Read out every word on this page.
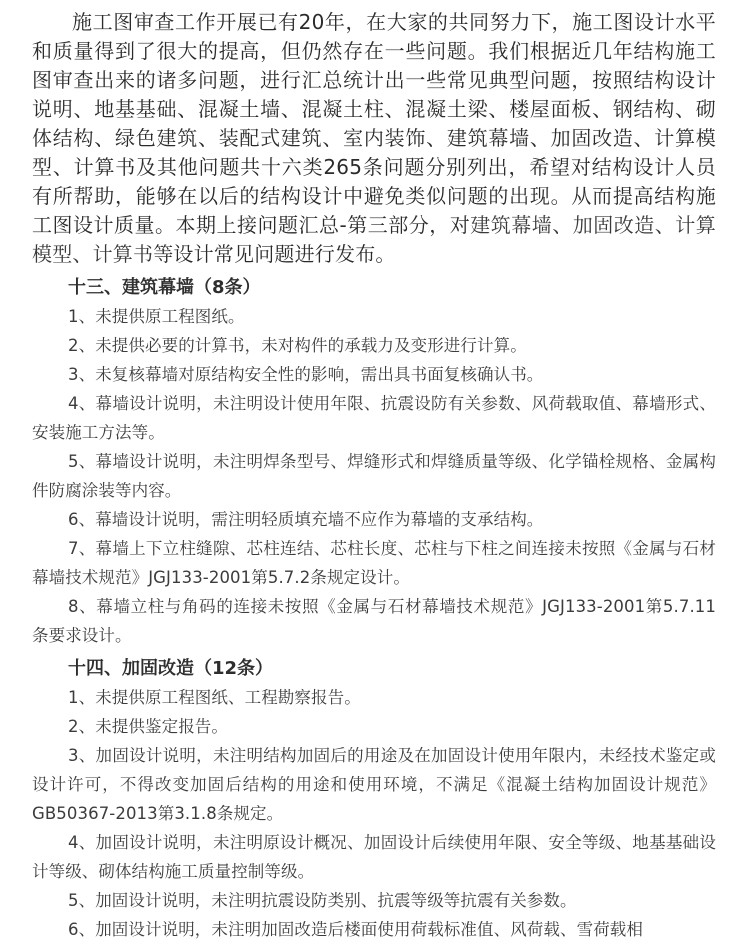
施工图审查工作开展已有20年，在大家的共同努力下，施工图设计水平和质量得到了很大的提高，但仍然存在一些问题。我们根据近几年结构施工图审查出来的诸多问题，进行汇总统计出一些常见典型问题，按照结构设计说明、地基基础、混凝土墙、混凝土柱、混凝土梁、楼屋面板、钢结构、砌体结构、绿色建筑、装配式建筑、室内装饰、建筑幕墙、加固改造、计算模型、计算书及其他问题共十六类265条问题分别列出，希望对结构设计人员有所帮助，能够在以后的结构设计中避免类似问题的出现。从而提高结构施工图设计质量。本期上接问题汇总-第三部分，对建筑幕墙、加固改造、计算模型、计算书等设计常见问题进行发布。

十三、建筑幕墙（8条）

1、未提供原工程图纸。

2、未提供必要的计算书，未对构件的承载力及变形进行计算。

3、未复核幕墙对原结构安全性的影响，需出具书面复核确认书。

4、幕墙设计说明，未注明设计使用年限、抗震设防有关参数、风荷载取值、幕墙形式、安装施工方法等。

5、幕墙设计说明，未注明焊条型号、焊缝形式和焊缝质量等级、化学锚栓规格、金属构件防腐涂装等内容。

6、幕墙设计说明，需注明轻质填充墙不应作为幕墙的支承结构。

7、幕墙上下立柱缝隙、芯柱连结、芯柱长度、芯柱与下柱之间连接未按照《金属与石材幕墙技术规范》JGJ133-2001第5.7.2条规定设计。

8、幕墙立柱与角码的连接未按照《金属与石材幕墙技术规范》JGJ133-2001第5.7.11条要求设计。

十四、加固改造（12条）

1、未提供原工程图纸、工程勘察报告。

2、未提供鉴定报告。

3、加固设计说明，未注明结构加固后的用途及在加固设计使用年限内，未经技术鉴定或设计许可，不得改变加固后结构的用途和使用环境，不满足《混凝土结构加固设计规范》GB50367-2013第3.1.8条规定。

4、加固设计说明，未注明原设计概况、加固设计后续使用年限、安全等级、地基基础设计等级、砌体结构施工质量控制等级。

5、加固设计说明，未注明抗震设防类别、抗震等级等抗震有关参数。

6、加固设计说明，未注明加固改造后楼面使用荷载标准值、风荷载、雪荷载相
